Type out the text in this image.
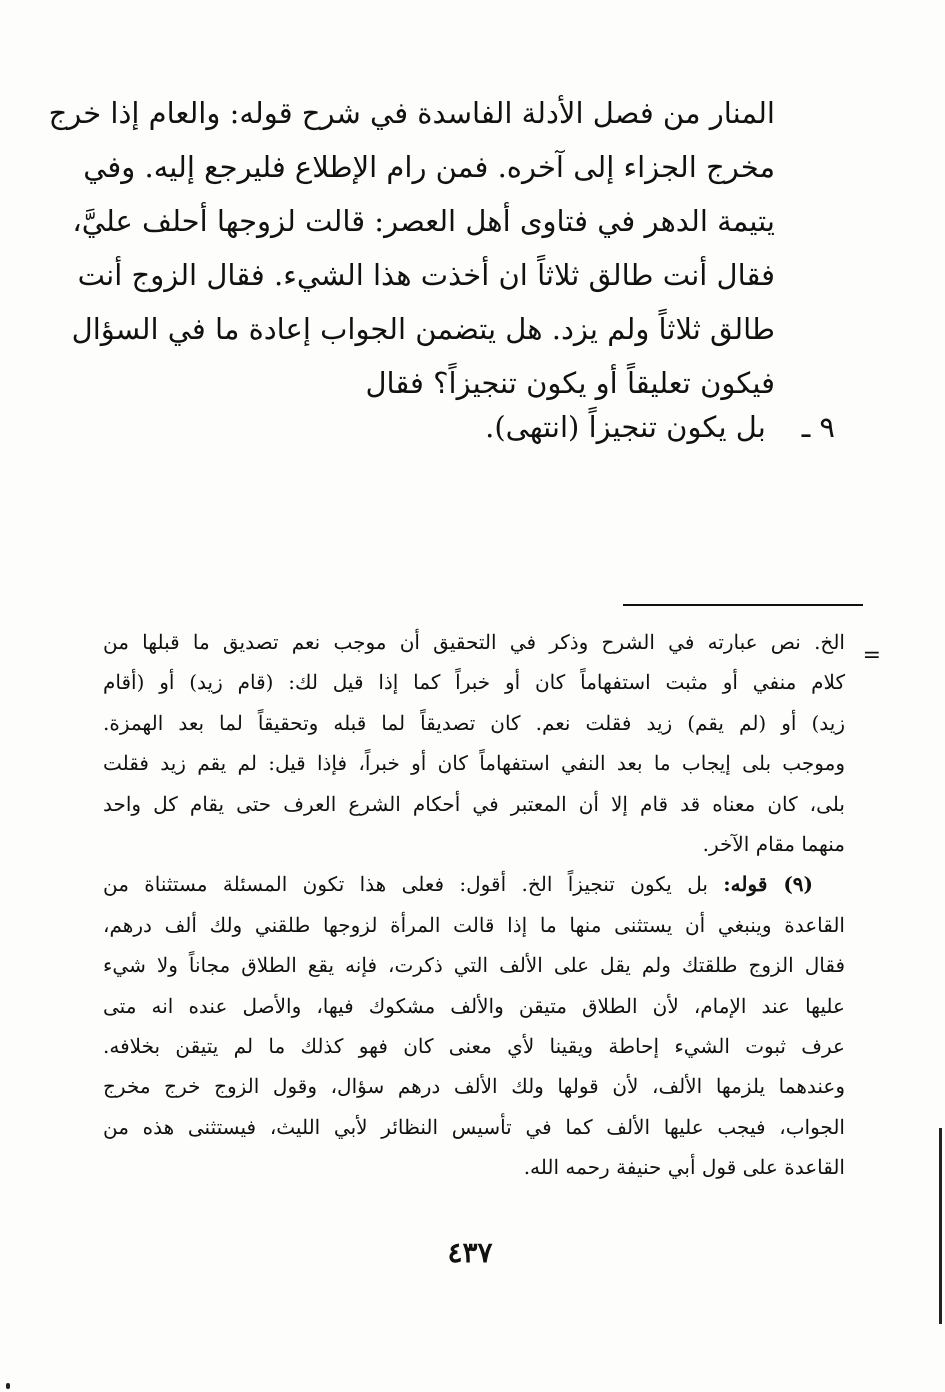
المنار من فصل الأدلة الفاسدة في شرح قوله: والعام إذا خرج
مخرج الجزاء إلى آخره. فمن رام الإطلاع فليرجع إليه. وفي
يتيمة الدهر في فتاوى أهل العصر: قالت لزوجها أحلف عليَّ،
فقال أنت طالق ثلاثاً ان أخذت هذا الشيء. فقال الزوج أنت
طالق ثلاثاً ولم يزد. هل يتضمن الجواب إعادة ما في السؤال
فيكون تعليقاً أو يكون تنجيزاً؟ فقال
٩ ـ بل يكون تنجيزاً (انتهى).
=
الخ. نص عبارته في الشرح وذكر في التحقيق أن موجب نعم تصديق ما قبلها من
كلام منفي أو مثبت استفهاماً كان أو خبراً كما إذا قيل لك: (قام زيد) أو (أقام
زيد) أو (لم يقم) زيد فقلت نعم. كان تصديقاً لما قبله وتحقيقاً لما بعد الهمزة.
وموجب بلى إيجاب ما بعد النفي استفهاماً كان أو خبراً، فإذا قيل: لم يقم زيد فقلت
بلى، كان معناه قد قام إلا أن المعتبر في أحكام الشرع العرف حتى يقام كل واحد
منهما مقام الآخر.
(٩) قوله: بل يكون تنجيزاً الخ. أقول: فعلى هذا تكون المسئلة مستثناة من
القاعدة وينبغي أن يستثنى منها ما إذا قالت المرأة لزوجها طلقني ولك ألف درهم،
فقال الزوج طلقتك ولم يقل على الألف التي ذكرت، فإنه يقع الطلاق مجاناً ولا شيء
عليها عند الإمام، لأن الطلاق متيقن والألف مشكوك فيها، والأصل عنده انه متى
عرف ثبوت الشيء إحاطة ويقينا لأي معنى كان فهو كذلك ما لم يتيقن بخلافه.
وعندهما يلزمها الألف، لأن قولها ولك الألف درهم سؤال، وقول الزوج خرج مخرج
الجواب، فيجب عليها الألف كما في تأسيس النظائر لأبي الليث، فيستثنى هذه من
القاعدة على قول أبي حنيفة رحمه الله.
٤٣٧
